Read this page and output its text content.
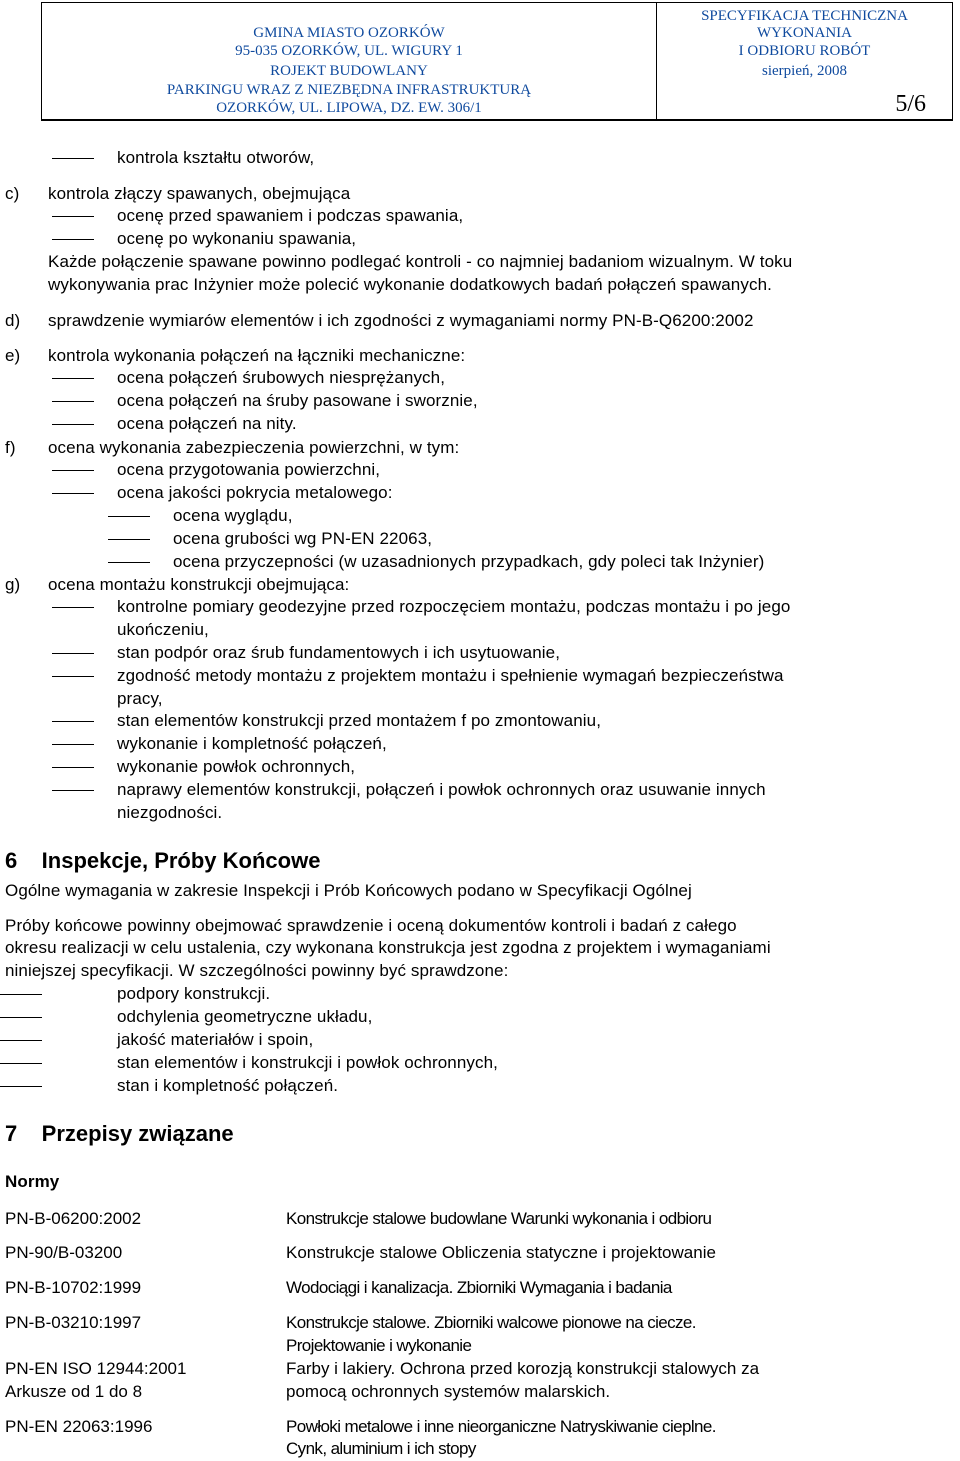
GMINA MIASTO OZORKÓW
95-035 OZORKÓW, UL. WIGURY 1
ROJEKT BUDOWLANY
PARKINGU WRAZ Z NIEZBĘDNA INFRASTRUKTURĄ
OZORKÓW, UL. LIPOWA, DZ. EW. 306/1
SPECYFIKACJA TECHNICZNA
WYKONANIA
I ODBIORU ROBÓT
sierpień, 2008
5/6
kontrola kształtu otworów,
c) kontrola złączy spawanych, obejmująca
ocenę przed spawaniem i podczas spawania,
ocenę po wykonaniu spawania,
Każde połączenie spawane powinno podlegać kontroli - co najmniej badaniom wizualnym. W toku
wykonywania prac Inżynier może polecić wykonanie dodatkowych badań połączeń spawanych.
d) sprawdzenie wymiarów elementów i ich zgodności z wymaganiami normy PN-B-Q6200:2002
e) kontrola wykonania połączeń na łączniki mechaniczne:
ocena połączeń śrubowych niesprężanych,
ocena połączeń na śruby pasowane i sworznie,
ocena połączeń na nity.
f) ocena wykonania zabezpieczenia powierzchni, w tym:
ocena przygotowania powierzchni,
ocena jakości pokrycia metalowego:
ocena wyglądu,
ocena grubości wg PN-EN 22063,
ocena przyczepności (w uzasadnionych przypadkach, gdy poleci tak Inżynier)
g) ocena montażu konstrukcji obejmująca:
kontrolne pomiary geodezyjne przed rozpoczęciem montażu, podczas montażu i po jego
ukończeniu,
stan podpór oraz śrub fundamentowych i ich usytuowanie,
zgodność metody montażu z projektem montażu i spełnienie wymagań bezpieczeństwa
pracy,
stan elementów konstrukcji przed montażem f po zmontowaniu,
wykonanie i kompletność połączeń,
wykonanie powłok ochronnych,
naprawy elementów konstrukcji, połączeń i powłok ochronnych oraz usuwanie innych
niezgodności.
6    Inspekcje, Próby Końcowe
Ogólne wymagania w zakresie Inspekcji i Prób Końcowych podano w Specyfikacji Ogólnej
Próby końcowe powinny obejmować sprawdzenie i oceną dokumentów kontroli i badań z całego
okresu realizacji w celu ustalenia, czy wykonana konstrukcja jest zgodna z projektem i wymaganiami
niniejszej specyfikacji. W szczególności powinny być sprawdzone:
podpory konstrukcji.
odchylenia geometryczne układu,
jakość materiałów i spoin,
stan elementów i konstrukcji i powłok ochronnych,
stan i kompletność połączeń.
7    Przepisy związane
Normy
PN-B-06200:2002	Konstrukcje stalowe budowlane Warunki wykonania i odbioru
PN-90/B-03200	Konstrukcje stalowe Obliczenia statyczne i projektowanie
PN-B-10702:1999	Wodociągi i kanalizacja. Zbiorniki Wymagania i badania
PN-B-03210:1997	Konstrukcje stalowe. Zbiorniki walcowe pionowe na ciecze.
Projektowanie i wykonanie
PN-EN ISO 12944:2001	Farby i lakiery. Ochrona przed korozją konstrukcji stalowych za
Arkusze od 1 do 8	pomocą ochronnych systemów malarskich.
PN-EN 22063:1996	Powłoki metalowe i inne nieorganiczne Natryskiwanie cieplne.
Cynk, aluminium i ich stopy
